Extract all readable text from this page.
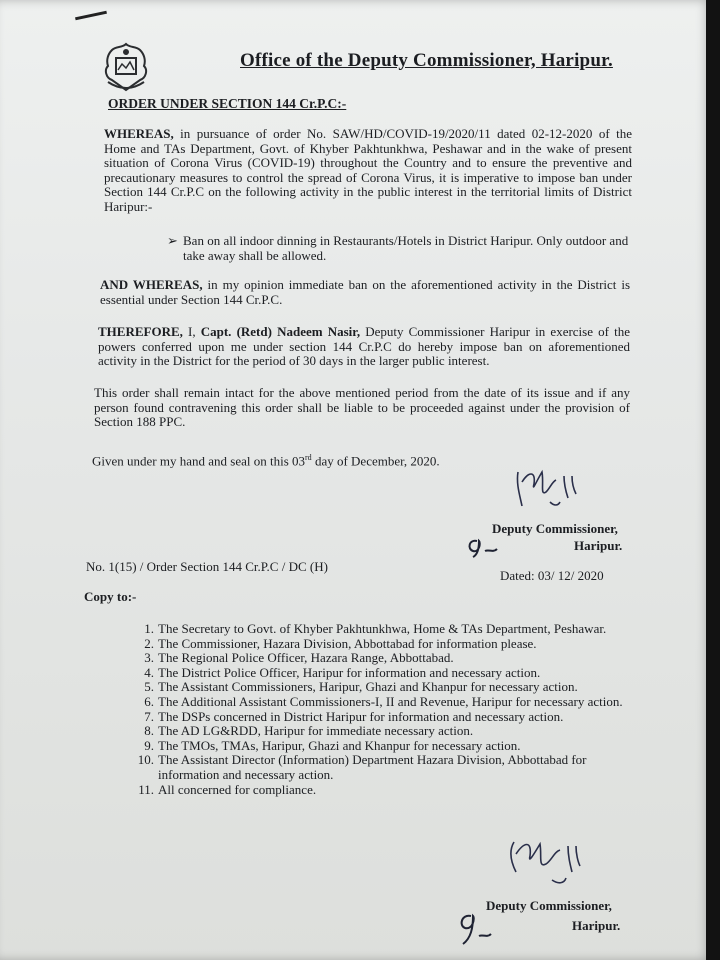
Office of the Deputy Commissioner, Haripur.
ORDER UNDER SECTION 144 Cr.P.C:-
WHEREAS, in pursuance of order No. SAW/HD/COVID-19/2020/11 dated 02-12-2020 of the Home and TAs Department, Govt. of Khyber Pakhtunkhwa, Peshawar and in the wake of present situation of Corona Virus (COVID-19) throughout the Country and to ensure the preventive and precautionary measures to control the spread of Corona Virus, it is imperative to impose ban under Section 144 Cr.P.C on the following activity in the public interest in the territorial limits of District Haripur:-
➢ Ban on all indoor dinning in Restaurants/Hotels in District Haripur. Only outdoor and take away shall be allowed.
AND WHEREAS, in my opinion immediate ban on the aforementioned activity in the District is essential under Section 144 Cr.P.C.
THEREFORE, I, Capt. (Retd) Nadeem Nasir, Deputy Commissioner Haripur in exercise of the powers conferred upon me under section 144 Cr.P.C do hereby impose ban on aforementioned activity in the District for the period of 30 days in the larger public interest.
This order shall remain intact for the above mentioned period from the date of its issue and if any person found contravening this order shall be liable to be proceeded against under the provision of Section 188 PPC.
Given under my hand and seal on this 03rd day of December, 2020.
Deputy Commissioner,
Haripur.
No. 1(15) / Order Section 144 Cr.P.C / DC (H)
Dated: 03/ 12/ 2020
Copy to:-
1. The Secretary to Govt. of Khyber Pakhtunkhwa, Home & TAs Department, Peshawar.
2. The Commissioner, Hazara Division, Abbottabad for information please.
3. The Regional Police Officer, Hazara Range, Abbottabad.
4. The District Police Officer, Haripur for information and necessary action.
5. The Assistant Commissioners, Haripur, Ghazi and Khanpur for necessary action.
6. The Additional Assistant Commissioners-I, II and Revenue, Haripur for necessary action.
7. The DSPs concerned in District Haripur for information and necessary action.
8. The AD LG&RDD, Haripur for immediate necessary action.
9. The TMOs, TMAs, Haripur, Ghazi and Khanpur for necessary action.
10. The Assistant Director (Information) Department Hazara Division, Abbottabad for information and necessary action.
11. All concerned for compliance.
Deputy Commissioner,
Haripur.
